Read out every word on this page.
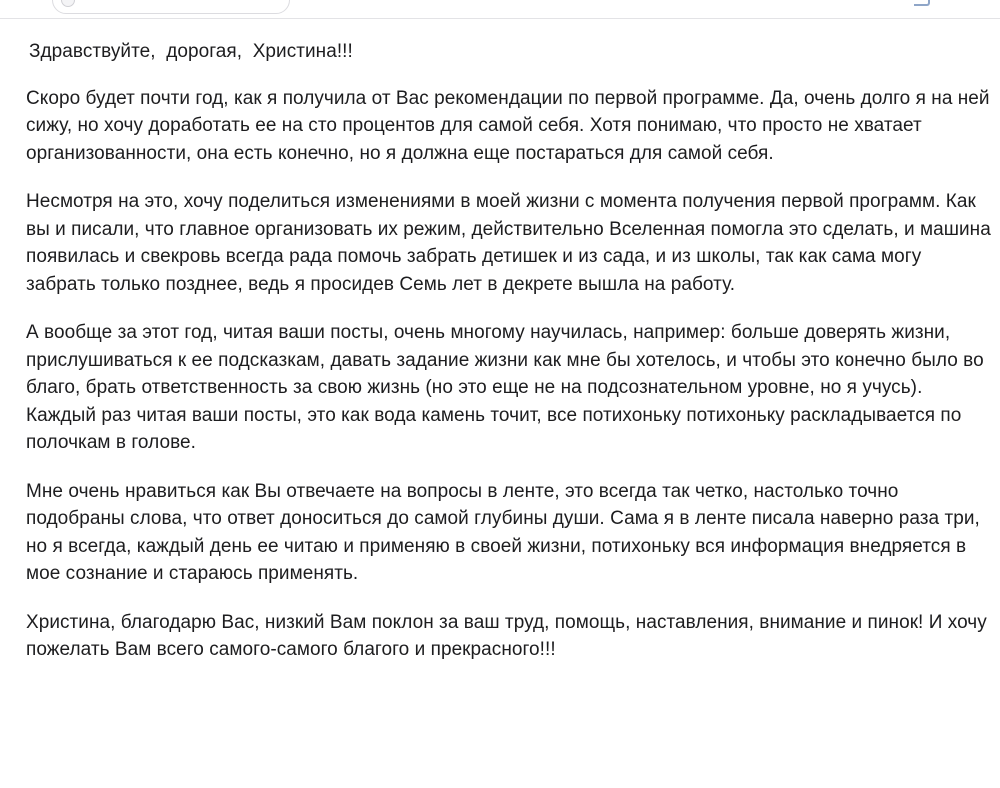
Здравствуйте,  дорогая,  Христина!!!

Скоро будет почти год, как я получила от Вас рекомендации по первой программе. Да, очень долго я на ней сижу, но хочу доработать ее на сто процентов для самой себя. Хотя понимаю, что просто не хватает организованности, она есть конечно, но я должна еще постараться для самой себя.

Несмотря на это, хочу поделиться изменениями в моей жизни с момента получения первой программ. Как вы и писали, что главное организовать их режим, действительно Вселенная помогла это сделать, и машина появилась и свекровь всегда рада помочь забрать детишек и из сада, и из школы, так как сама могу забрать только позднее, ведь я просидев Семь лет в декрете вышла на работу.

А вообще за этот год, читая ваши посты, очень многому научилась, например: больше доверять жизни, прислушиваться к ее подсказкам, давать задание жизни как мне бы хотелось, и чтобы это конечно было во благо, брать ответственность за свою жизнь (но это еще не на подсознательном уровне, но я учусь). Каждый раз читая ваши посты, это как вода камень точит, все потихоньку потихоньку раскладывается по полочкам в голове.

Мне очень нравиться как Вы отвечаете на вопросы в ленте, это всегда так четко, настолько точно подобраны слова, что ответ доноситься до самой глубины души. Сама я в ленте писала наверно раза три, но я всегда, каждый день ее читаю и применяю в своей жизни, потихоньку вся информация внедряется в мое сознание и стараюсь применять.

Христина, благодарю Вас, низкий Вам поклон за ваш труд, помощь, наставления, внимание и пинок! И хочу пожелать Вам всего самого-самого благого и прекрасного!!!
